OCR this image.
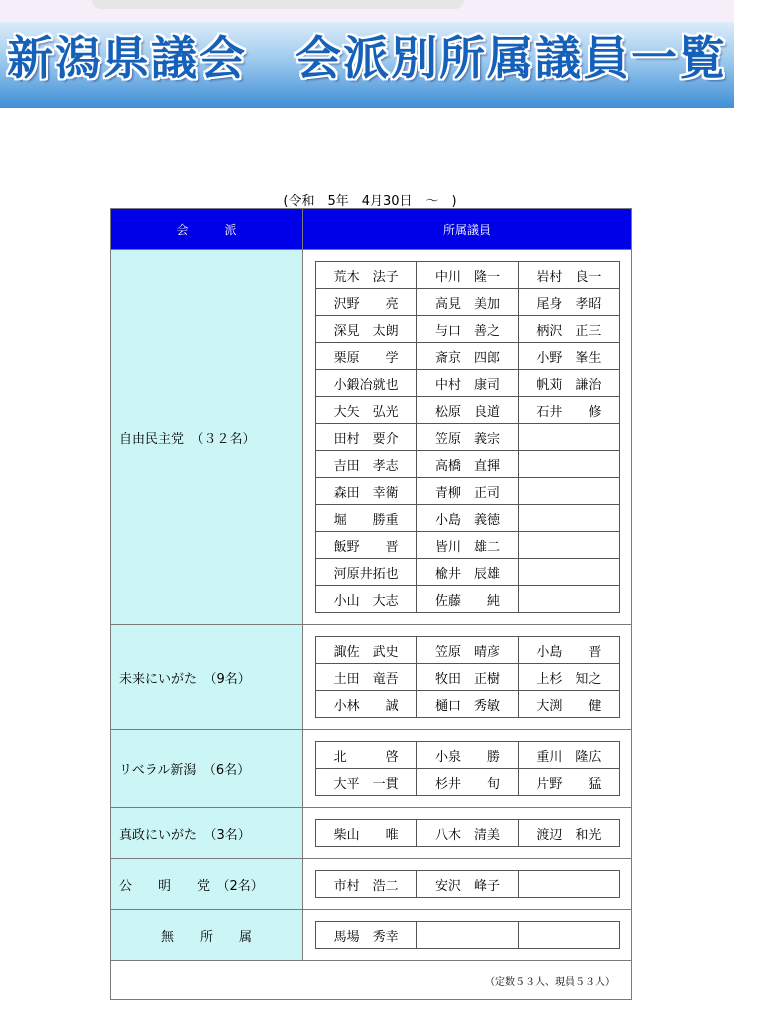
新潟県議会　会派別所属議員一覧
(令和　5年　4月30日　～　)
会　　　派	所属議員
自由民主党　（３２名）	
荒木　法子	中川　隆一	岩村　良一
沢野　　亮	高見　美加	尾身　孝昭
深見　太朗	与口　善之	柄沢　正三
栗原　　学	斎京　四郎	小野　峯生
小鍛冶就也	中村　康司	帆苅　謙治
大矢　弘光	松原　良道	石井　　修
田村　要介	笠原　義宗	
吉田　孝志	高橋　直揮	
森田　幸衛	青柳　正司	
堀　　勝重	小島　義徳	
飯野　　晋	皆川　雄二	
河原井拓也	楡井　辰雄	
小山　大志	佐藤　　純	

未来にいがた　（9名）	
諏佐　武史	笠原　晴彦	小島　　晋
土田　竜吾	牧田　正樹	上杉　知之
小林　　誠	樋口　秀敏	大渕　　健

リベラル新潟　（6名）	
北　　　啓	小泉　　勝	重川　隆広
大平　一貫	杉井　　旬	片野　　猛

真政にいがた　（3名）		柴山　　唯	八木　清美	渡辺　和光

公　　明　　党　（2名）		市村　浩二	安沢　峰子	

無　　所　　属		馬場　秀幸		

（定数５３人、現員５３人）
